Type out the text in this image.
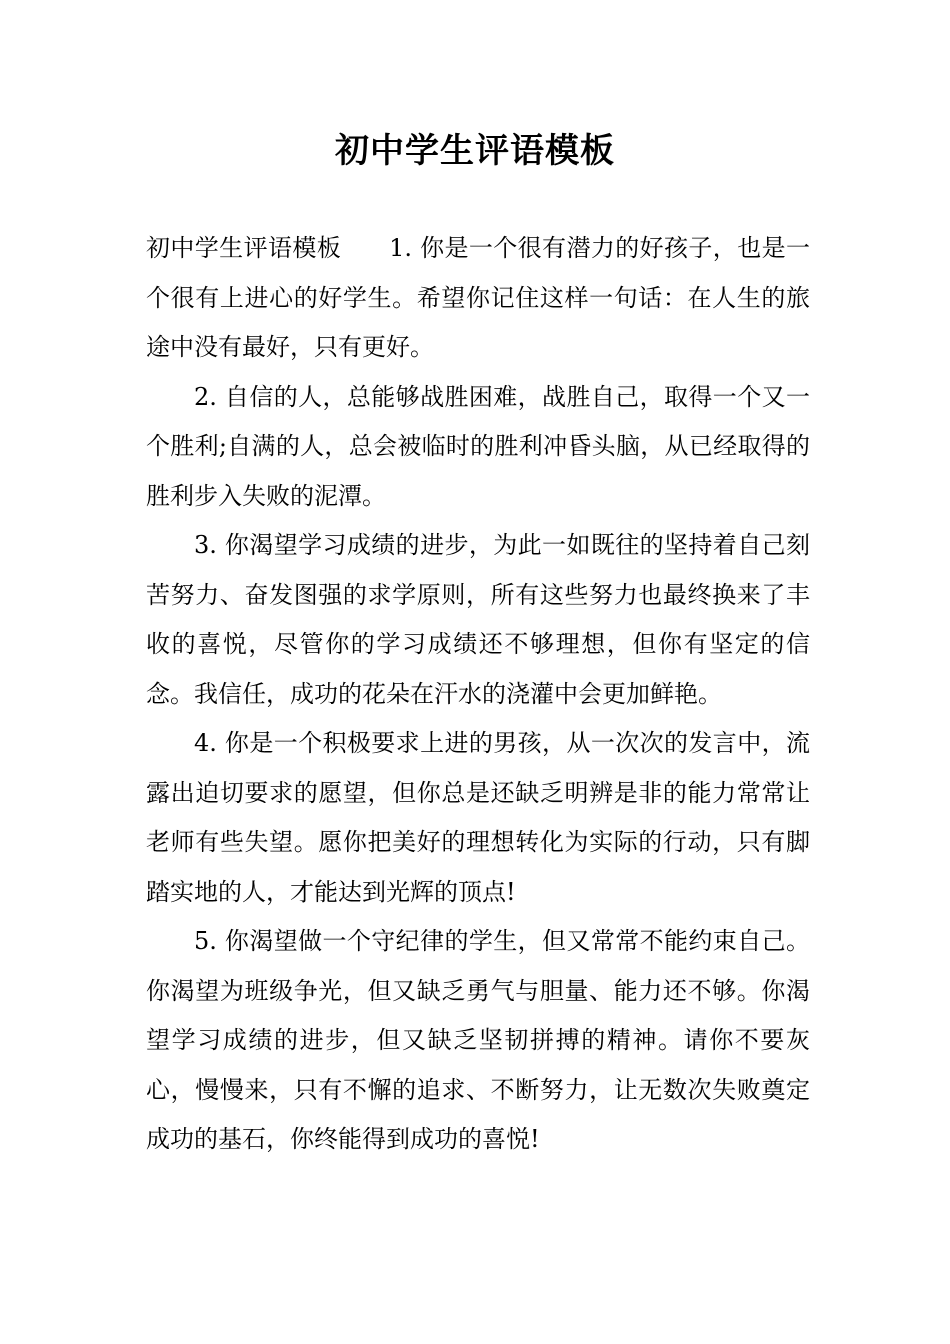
初中学生评语模板

初中学生评语模板 1. 你是一个很有潜力的好孩子，也是一个很有上进心的好学生。希望你记住这样一句话：在人生的旅途中没有最好，只有更好。

2. 自信的人，总能够战胜困难，战胜自己，取得一个又一个胜利;自满的人，总会被临时的胜利冲昏头脑，从已经取得的胜利步入失败的泥潭。

3. 你渴望学习成绩的进步，为此一如既往的坚持着自己刻苦努力、奋发图强的求学原则，所有这些努力也最终换来了丰收的喜悦，尽管你的学习成绩还不够理想，但你有坚定的信念。我信任，成功的花朵在汗水的浇灌中会更加鲜艳。

4. 你是一个积极要求上进的男孩，从一次次的发言中，流露出迫切要求的愿望，但你总是还缺乏明辨是非的能力常常让老师有些失望。愿你把美好的理想转化为实际的行动，只有脚踏实地的人，才能达到光辉的顶点!

5. 你渴望做一个守纪律的学生，但又常常不能约束自己。你渴望为班级争光，但又缺乏勇气与胆量、能力还不够。你渴望学习成绩的进步，但又缺乏坚韧拼搏的精神。请你不要灰心，慢慢来，只有不懈的追求、不断努力，让无数次失败奠定成功的基石，你终能得到成功的喜悦!
